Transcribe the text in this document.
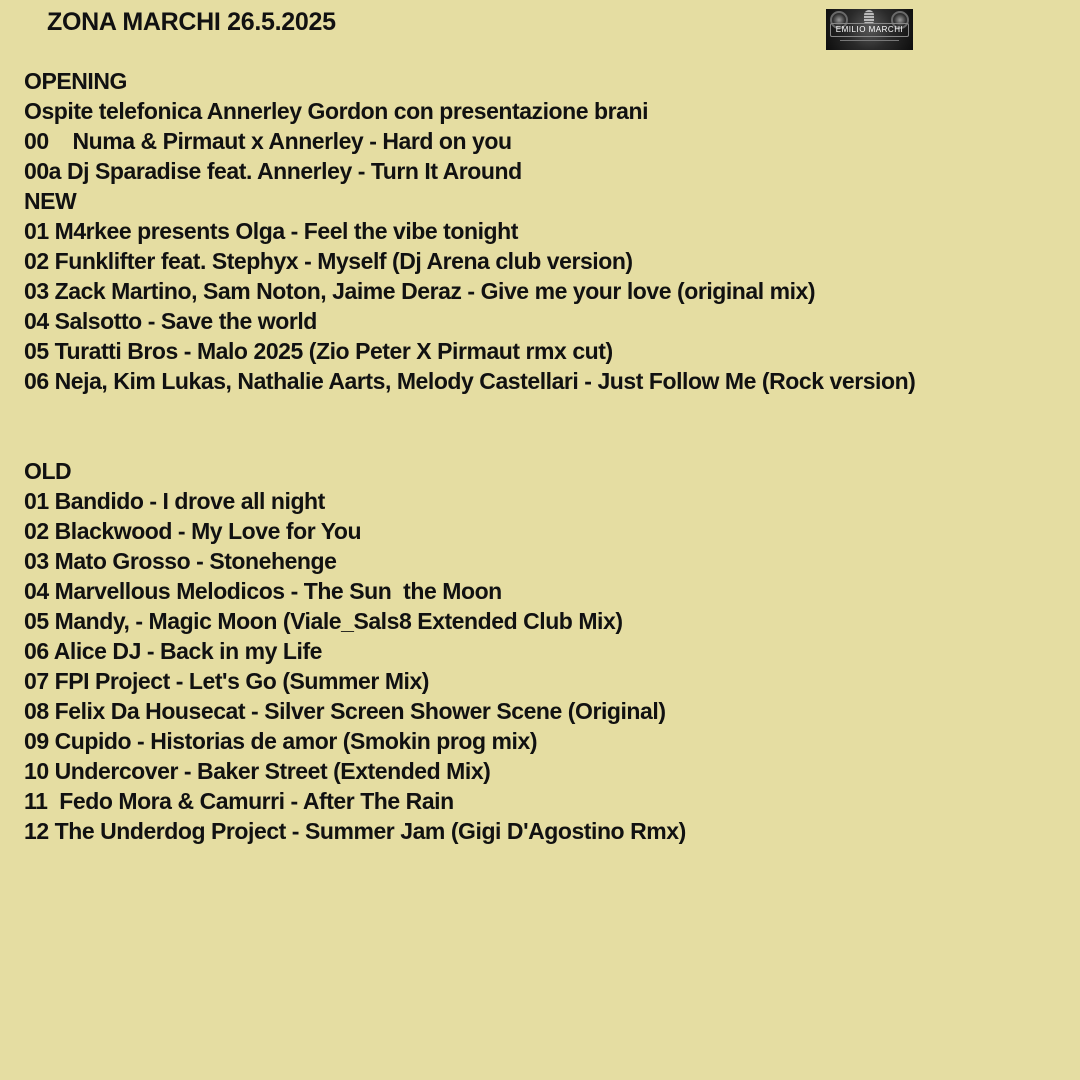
ZONA MARCHI 26.5.2025	EMILIO MARCHI
OPENING
Ospite telefonica Annerley Gordon con presentazione brani
00    Numa & Pirmaut x Annerley - Hard on you
00a Dj Sparadise feat. Annerley - Turn It Around
NEW
01 M4rkee presents Olga - Feel the vibe tonight
02 Funklifter feat. Stephyx - Myself (Dj Arena club version)
03 Zack Martino, Sam Noton, Jaime Deraz - Give me your love (original mix)
04 Salsotto - Save the world
05 Turatti Bros - Malo 2025 (Zio Peter X Pirmaut rmx cut)
06 Neja, Kim Lukas, Nathalie Aarts, Melody Castellari - Just Follow Me (Rock version)
OLD
01 Bandido - I drove all night
02 Blackwood - My Love for You
03 Mato Grosso - Stonehenge
04 Marvellous Melodicos - The Sun  the Moon
05 Mandy, - Magic Moon (Viale_Sals8 Extended Club Mix)
06 Alice DJ - Back in my Life
07 FPI Project - Let's Go (Summer Mix)
08 Felix Da Housecat - Silver Screen Shower Scene (Original)
09 Cupido - Historias de amor (Smokin prog mix)
10 Undercover - Baker Street (Extended Mix)
11  Fedo Mora & Camurri - After The Rain
12 The Underdog Project - Summer Jam (Gigi D'Agostino Rmx)
